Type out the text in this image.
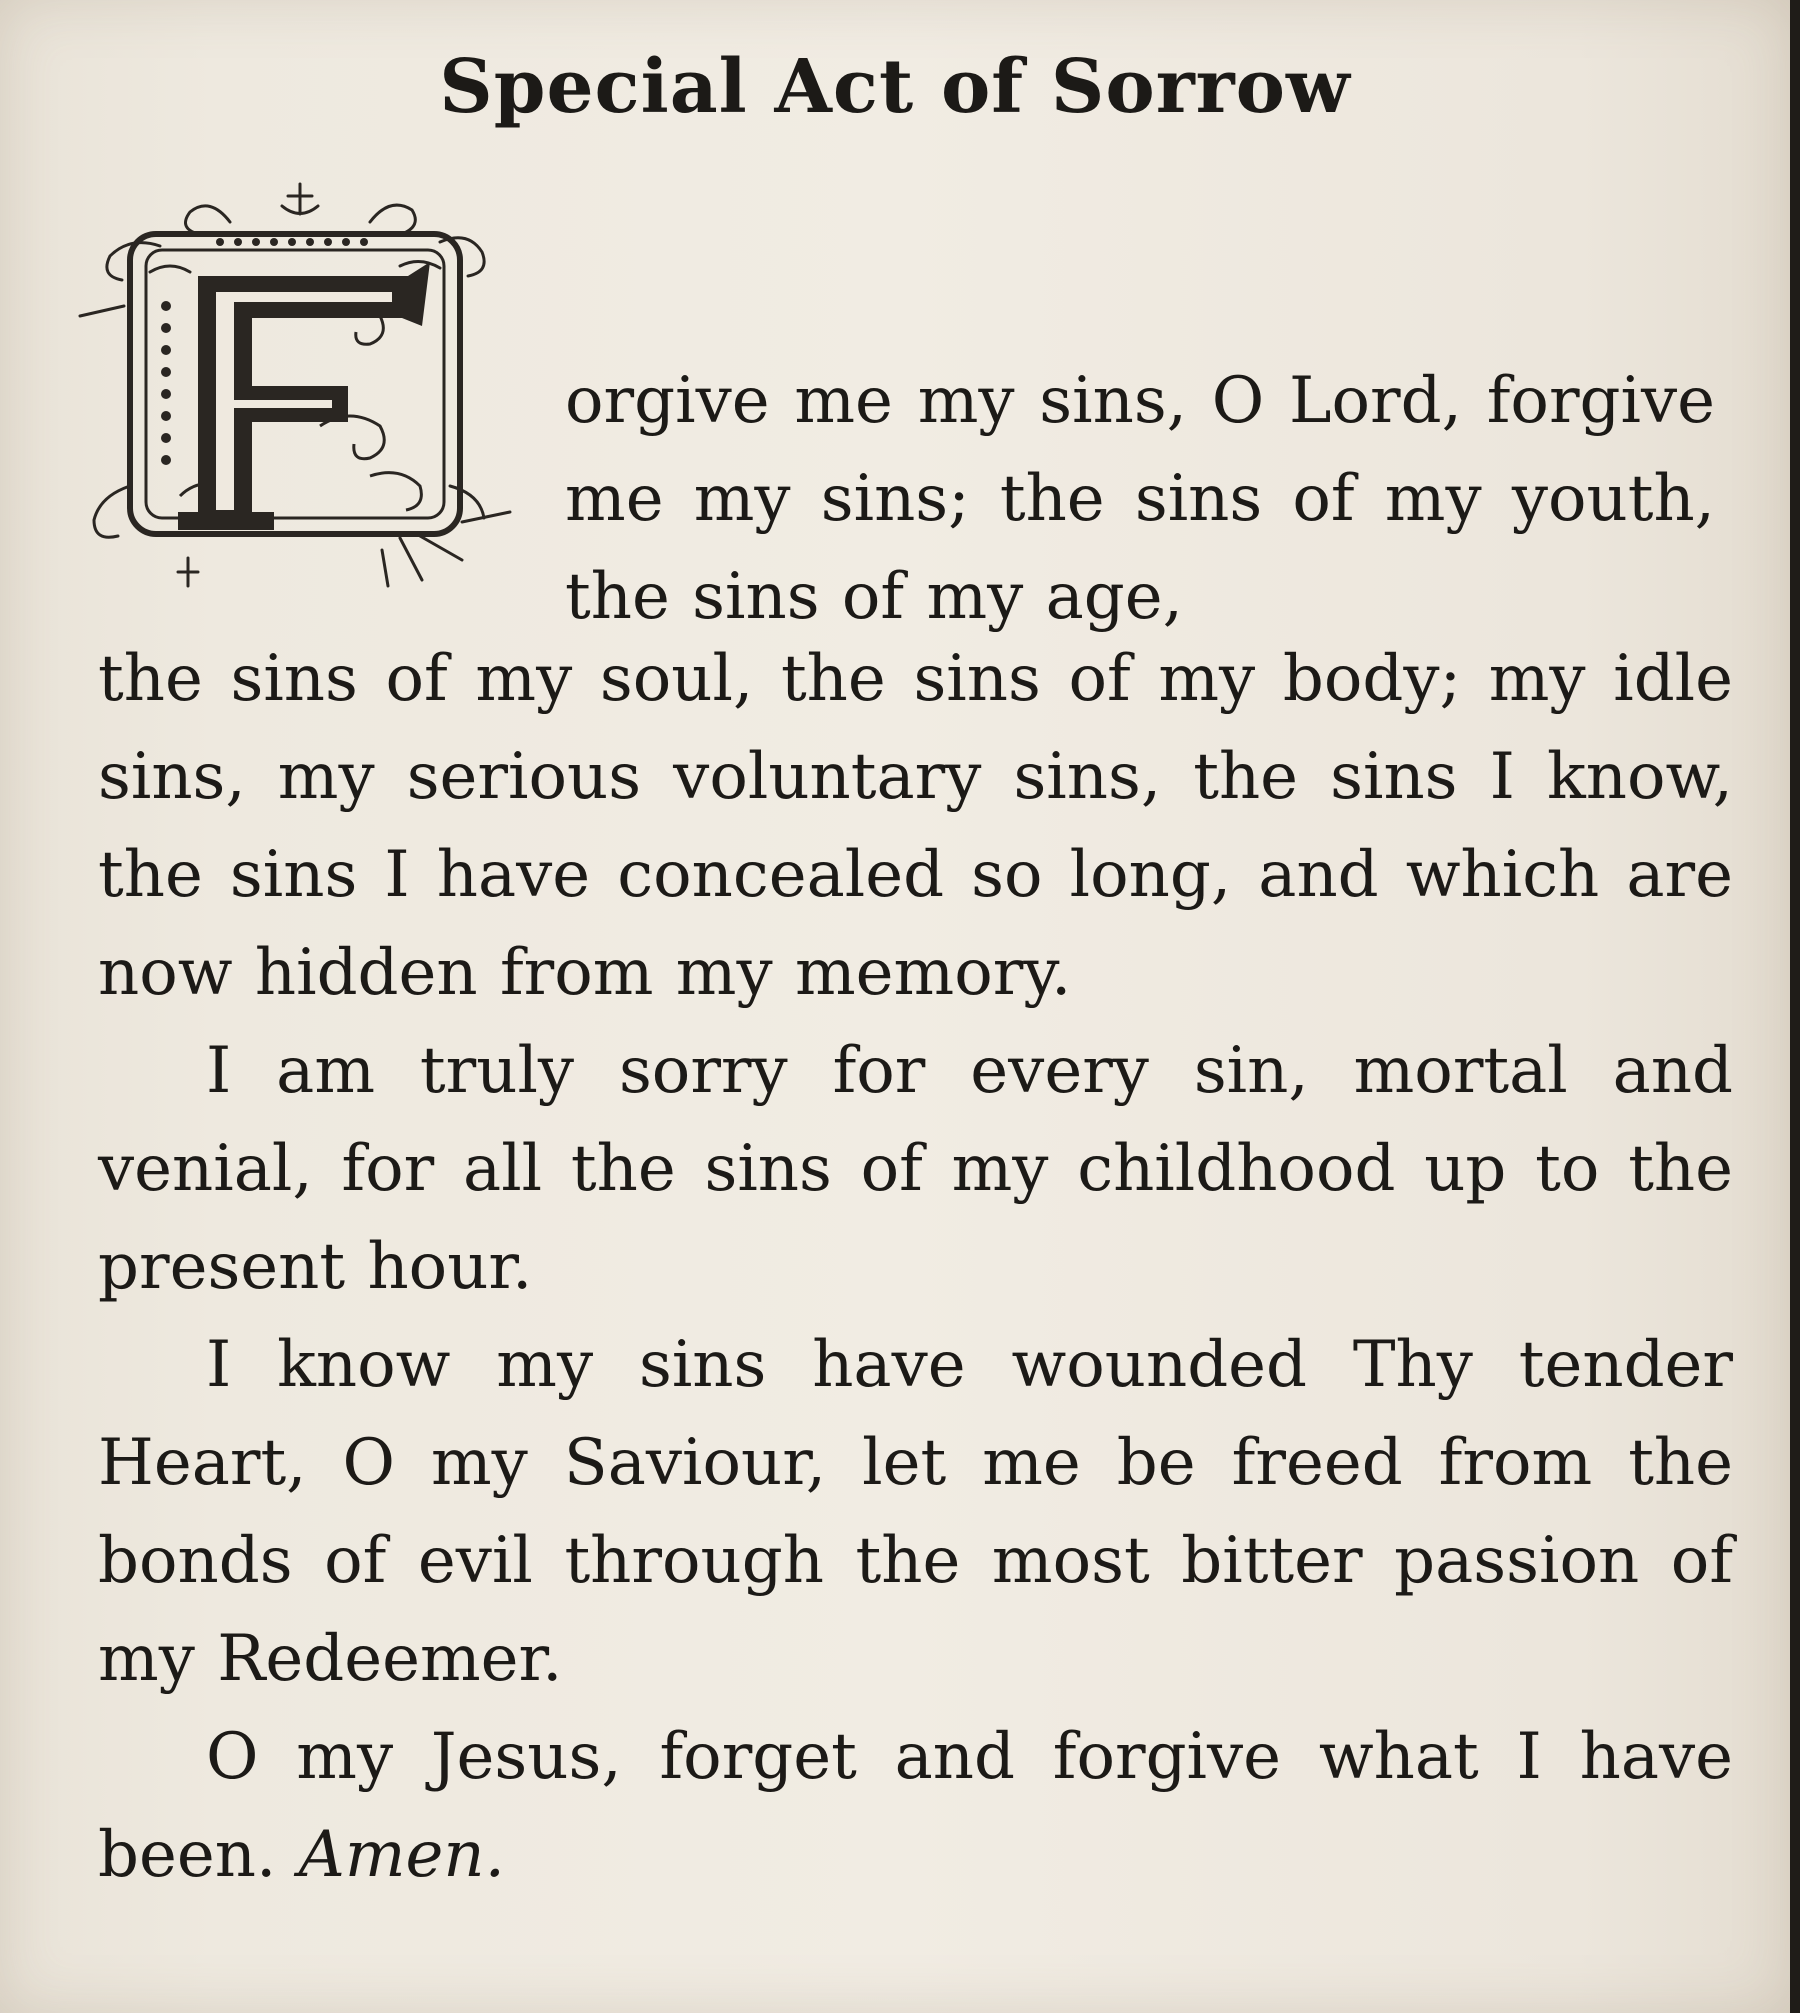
Special Act of Sorrow

orgive me my sins, O Lord, forgive me my sins; the sins of my youth, the sins of my age,

the sins of my soul, the sins of my body; my idle sins, my serious voluntary sins, the sins I know, the sins I have concealed so long, and which are now hidden from my memory.
I am truly sorry for every sin, mortal and venial, for all the sins of my childhood up to the present hour.
I know my sins have wounded Thy tender Heart, O my Saviour, let me be freed from the bonds of evil through the most bitter passion of my Redeemer.
O my Jesus, forget and forgive what I have been. Amen.
